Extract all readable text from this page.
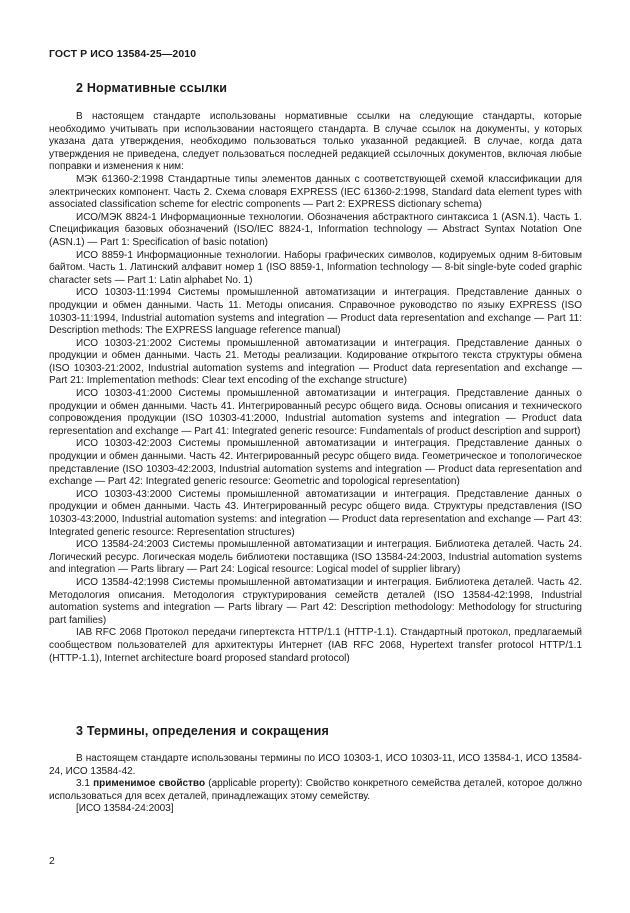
ГОСТ Р ИСО 13584-25—2010
2 Нормативные ссылки

В настоящем стандарте использованы нормативные ссылки на следующие стандарты, которые необходимо учитывать при использовании настоящего стандарта. В случае ссылок на документы, у которых указана дата утверждения, необходимо пользоваться только указанной редакцией. В случае, когда дата утверждения не приведена, следует пользоваться последней редакцией ссылочных документов, включая любые поправки и изменения к ним:

МЭК 61360-2:1998 Стандартные типы элементов данных с соответствующей схемой классификации для электрических компонент. Часть 2. Схема словаря EXPRESS (IEC 61360-2:1998, Standard data element types with associated classification scheme for electric components — Part 2: EXPRESS dictionary schema)

ИСО/МЭК 8824-1 Информационные технологии. Обозначения абстрактного синтаксиса 1 (ASN.1). Часть 1. Спецификация базовых обозначений (ISO/IEC 8824-1, Information technology — Abstract Syntax Notation One (ASN.1) — Part 1: Specification of basic notation)

ИСО 8859-1 Информационные технологии. Наборы графических символов, кодируемых одним 8-битовым байтом. Часть 1. Латинский алфавит номер 1 (ISO 8859-1, Information technology — 8-bit single-byte coded graphic character sets — Part 1: Latin alphabet No. 1)

ИСО 10303-11:1994 Системы промышленной автоматизации и интеграция. Представление данных о продукции и обмен данными. Часть 11. Методы описания. Справочное руководство по языку EXPRESS (ISO 10303-11:1994, Industrial automation systems and integration — Product data representation and exchange — Part 11: Description methods: The EXPRESS language reference manual)

ИСО 10303-21:2002 Системы промышленной автоматизации и интеграция. Представление данных о продукции и обмен данными. Часть 21. Методы реализации. Кодирование открытого текста структуры обмена (ISO 10303-21:2002, Industrial automation systems and integration — Product data representation and exchange — Part 21: Implementation methods: Clear text encoding of the exchange structure)

ИСО 10303-41:2000 Системы промышленной автоматизации и интеграция. Представление данных о продукции и обмен данными. Часть 41. Интегрированный ресурс общего вида. Основы описания и технического сопровождения продукции (ISO 10303-41:2000, Industrial automation systems and integration — Product data representation and exchange — Part 41: Integrated generic resource: Fundamentals of product description and support)

ИСО 10303-42:2003 Системы промышленной автоматизации и интеграция. Представление данных о продукции и обмен данными. Часть 42. Интегрированный ресурс общего вида. Геометрическое и топологическое представление (ISO 10303-42:2003, Industrial automation systems and integration — Product data representation and exchange — Part 42: Integrated generic resource: Geometric and topological representation)

ИСО 10303-43:2000 Системы промышленной автоматизации и интеграция. Представление данных о продукции и обмен данными. Часть 43. Интегрированный ресурс общего вида. Структуры представления (ISO 10303-43:2000, Industrial automation systems: and integration — Product data representation and exchange — Part 43: Integrated generic resource: Representation structures)

ИСО 13584-24:2003 Системы промышленной автоматизации и интеграция. Библиотека деталей. Часть 24. Логический ресурс. Логическая модель библиотеки поставщика (ISO 13584-24:2003, Industrial automation systems and integration — Parts library — Part 24: Logical resource: Logical model of supplier library)

ИСО 13584-42:1998 Системы промышленной автоматизации и интеграция. Библиотека деталей. Часть 42. Методология описания. Методология структурирования семейств деталей (ISO 13584-42:1998, Industrial automation systems and integration — Parts library — Part 42: Description methodology: Methodology for structuring part families)

IAB RFC 2068 Протокол передачи гипертекста HTTP/1.1 (HTTP-1.1). Стандартный протокол, предлагаемый сообществом пользователей для архитектуры Интернет (IAB RFC 2068, Hypertext transfer protocol HTTP/1.1 (HTTP-1.1), Internet architecture board proposed standard protocol)

3 Термины, определения и сокращения

В настоящем стандарте использованы термины по ИСО 10303-1, ИСО 10303-11, ИСО 13584-1, ИСО 13584-24, ИСО 13584-42.

3.1 применимое свойство (applicable property): Свойство конкретного семейства деталей, которое должно использоваться для всех деталей, принадлежащих этому семейству.

[ИСО 13584-24:2003]

2
